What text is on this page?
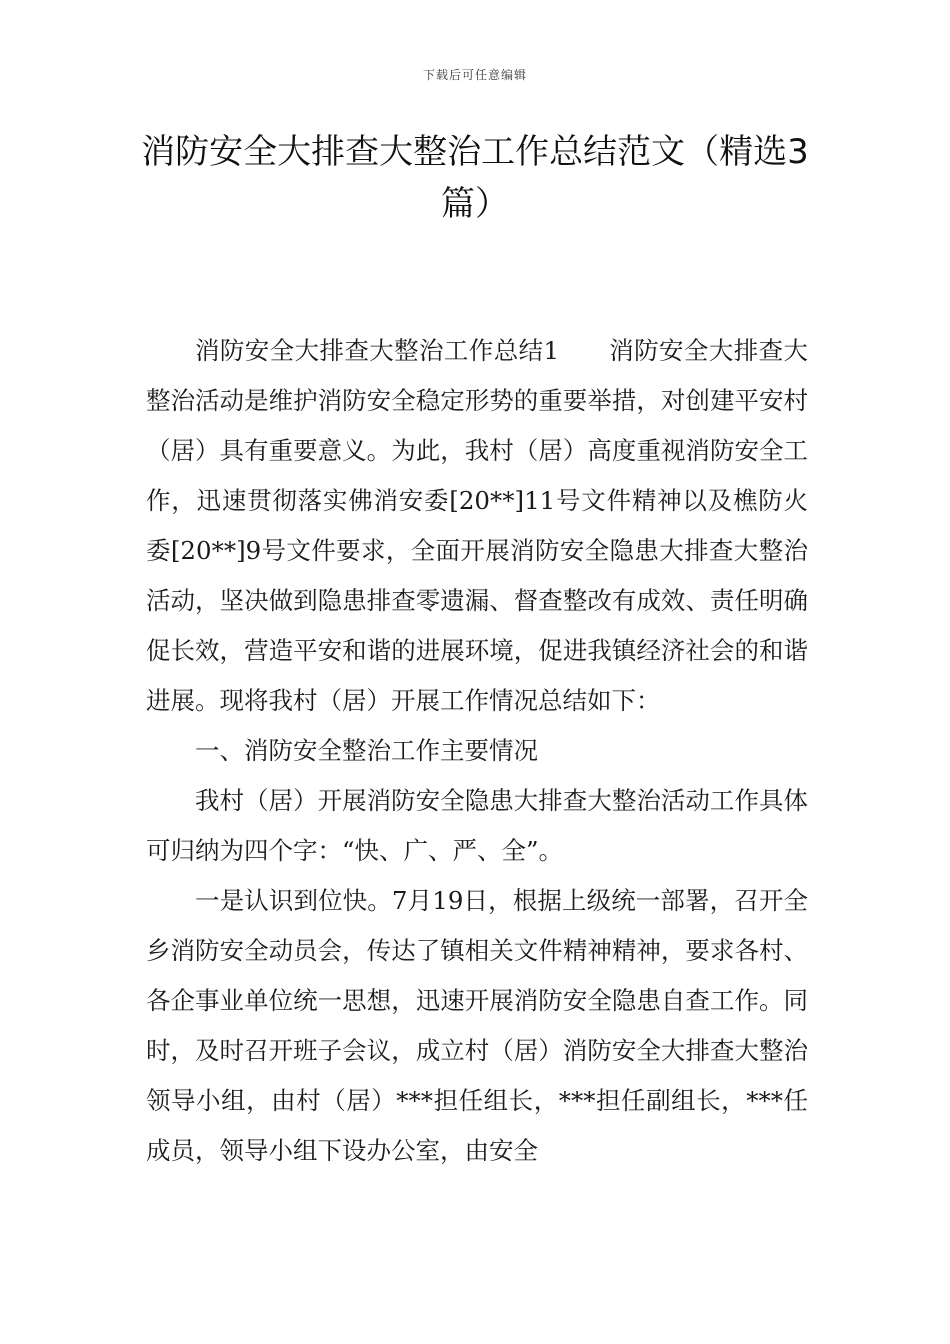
下载后可任意编辑
消防安全大排查大整治工作总结范文（精选3篇）

消防安全大排查大整治工作总结1　　消防安全大排查大整治活动是维护消防安全稳定形势的重要举措，对创建平安村（居）具有重要意义。为此，我村（居）高度重视消防安全工作，迅速贯彻落实佛消安委[20**]11号文件精神以及樵防火委[20**]9号文件要求，全面开展消防安全隐患大排查大整治活动，坚决做到隐患排查零遗漏、督查整改有成效、责任明确促长效，营造平安和谐的进展环境，促进我镇经济社会的和谐进展。现将我村（居）开展工作情况总结如下：

一、消防安全整治工作主要情况

我村（居）开展消防安全隐患大排查大整治活动工作具体可归纳为四个字：“快、广、严、全”。

一是认识到位快。7月19日，根据上级统一部署，召开全乡消防安全动员会，传达了镇相关文件精神精神，要求各村、各企事业单位统一思想，迅速开展消防安全隐患自查工作。同时，及时召开班子会议，成立村（居）消防安全大排查大整治领导小组，由村（居）***担任组长，***担任副组长，***任成员，领导小组下设办公室，由安全
